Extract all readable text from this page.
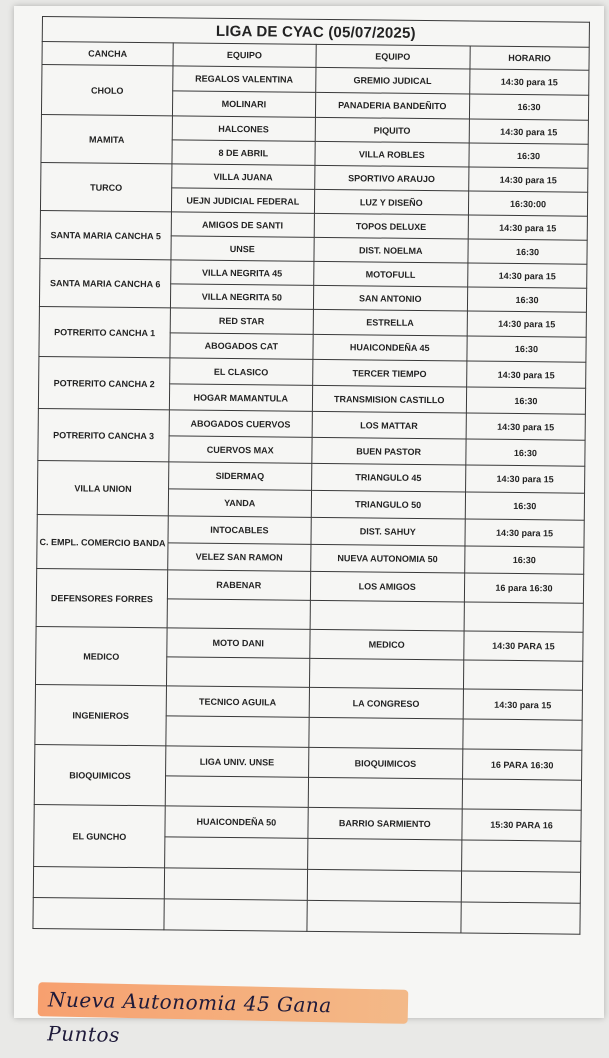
LIGA DE CYAC (05/07/2025)			
CANCHA	EQUIPO	EQUIPO	HORARIO
CHOLO	REGALOS VALENTINA	GREMIO JUDICAL	14:30 para 15
	MOLINARI	PANADERIA BANDEÑITO	16:30
MAMITA	HALCONES	PIQUITO	14:30 para 15
	8 DE ABRIL	VILLA ROBLES	16:30
TURCO	VILLA JUANA	SPORTIVO ARAUJO	14:30 para 15
	UEJN JUDICIAL FEDERAL	LUZ Y DISEÑO	16:30:00
SANTA MARIA CANCHA 5	AMIGOS DE SANTI	TOPOS DELUXE	14:30 para 15
	UNSE	DIST. NOELMA	16:30
SANTA MARIA CANCHA 6	VILLA NEGRITA 45	MOTOFULL	14:30 para 15
	VILLA NEGRITA 50	SAN ANTONIO	16:30
POTRERITO CANCHA 1	RED STAR	ESTRELLA	14:30 para 15
	ABOGADOS CAT	HUAICONDEÑA 45	16:30
POTRERITO CANCHA 2	EL CLASICO	TERCER TIEMPO	14:30 para 15
	HOGAR MAMANTULA	TRANSMISION CASTILLO	16:30
POTRERITO CANCHA 3	ABOGADOS CUERVOS	LOS MATTAR	14:30 para 15
	CUERVOS MAX	BUEN PASTOR	16:30
VILLA UNION	SIDERMAQ	TRIANGULO 45	14:30 para 15
	YANDA	TRIANGULO 50	16:30
C. EMPL. COMERCIO BANDA	INTOCABLES	DIST. SAHUY	14:30 para 15
	VELEZ SAN RAMON	NUEVA AUTONOMIA 50	16:30
DEFENSORES FORRES	RABENAR	LOS AMIGOS	16 para 16:30

MEDICO	MOTO DANI	MEDICO	14:30 PARA 15

INGENIEROS	TECNICO AGUILA	LA CONGRESO	14:30 para 15

BIOQUIMICOS	LIGA UNIV. UNSE	BIOQUIMICOS	16 PARA 16:30

EL GUNCHO	HUAICONDEÑA 50	BARRIO SARMIENTO	15:30 PARA 16

Nueva Autonomia 45 Gana Puntos
